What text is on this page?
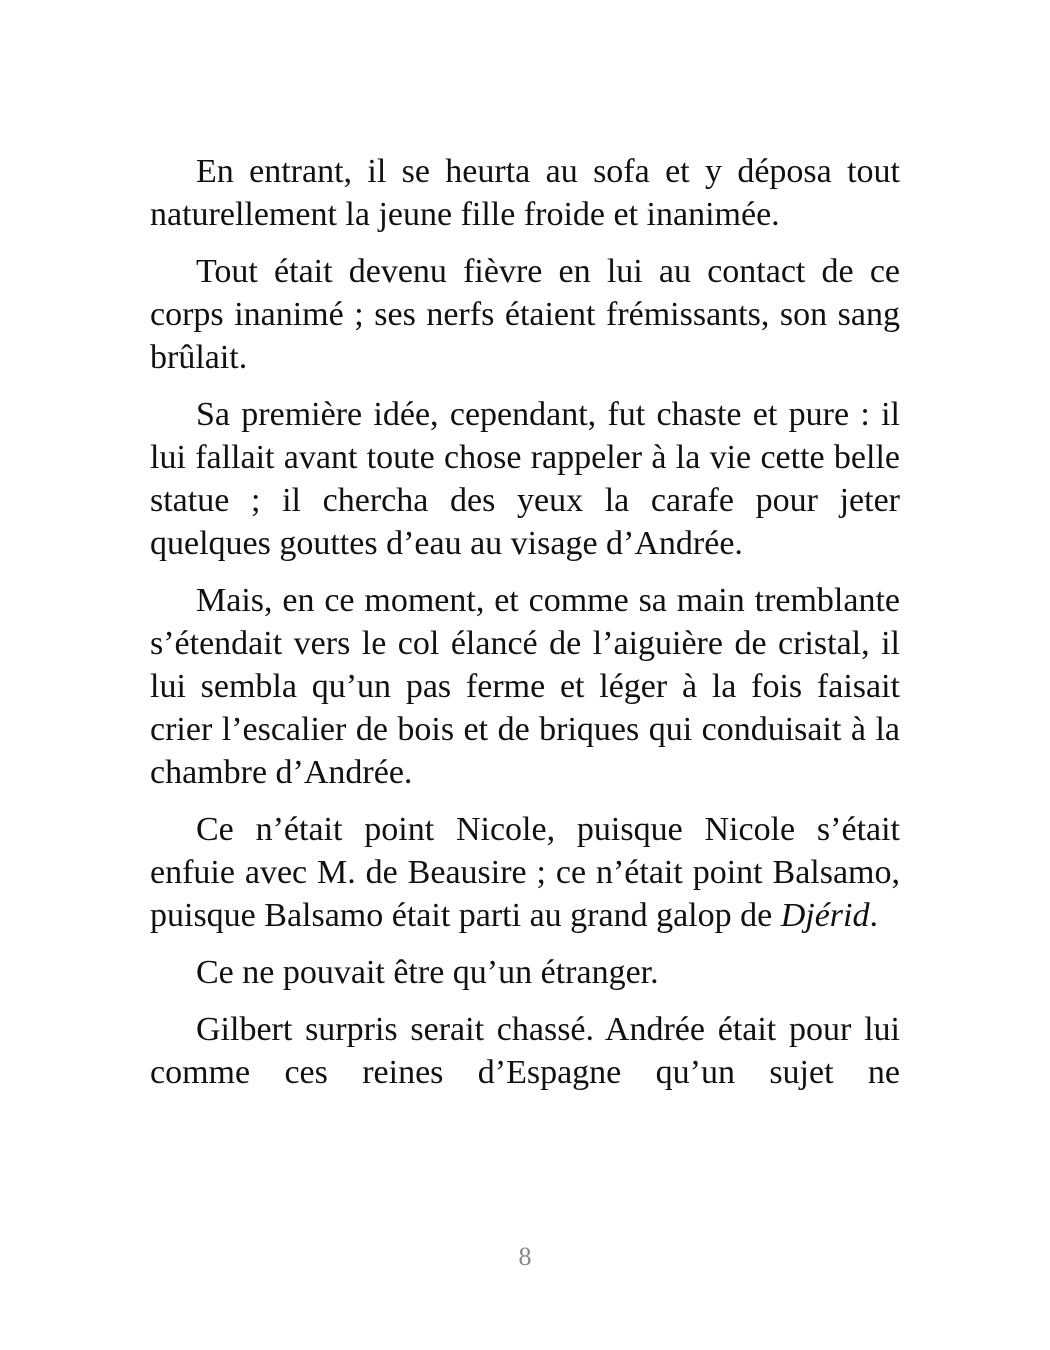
En entrant, il se heurta au sofa et y déposa tout naturellement la jeune fille froide et inanimée.

Tout était devenu fièvre en lui au contact de ce corps inanimé ; ses nerfs étaient frémissants, son sang brûlait.

Sa première idée, cependant, fut chaste et pure : il lui fallait avant toute chose rappeler à la vie cette belle statue ; il chercha des yeux la carafe pour jeter quelques gouttes d’eau au visage d’Andrée.

Mais, en ce moment, et comme sa main tremblante s’étendait vers le col élancé de l’aiguière de cristal, il lui sembla qu’un pas ferme et léger à la fois faisait crier l’escalier de bois et de briques qui conduisait à la chambre d’Andrée.

Ce n’était point Nicole, puisque Nicole s’était enfuie avec M. de Beausire ; ce n’était point Balsamo, puisque Balsamo était parti au grand galop de Djérid.

Ce ne pouvait être qu’un étranger.

Gilbert surpris serait chassé. Andrée était pour lui comme ces reines d’Espagne qu’un sujet ne

8
